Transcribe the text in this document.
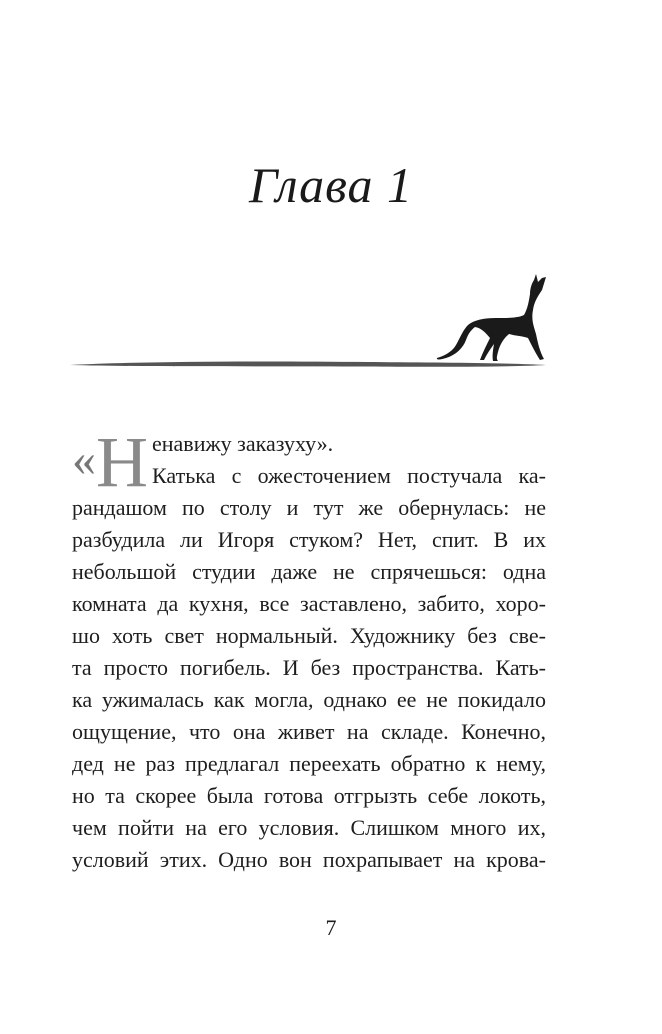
Глава 1
« Н енавижу заказуху».
Катька с ожесточением постучала ка-
рандашом по столу и тут же обернулась: не
разбудила ли Игоря стуком? Нет, спит. В их
небольшой студии даже не спрячешься: одна
комната да кухня, все заставлено, забито, хоро-
шо хоть свет нормальный. Художнику без све-
та просто погибель. И без пространства. Кать-
ка ужималась как могла, однако ее не покидало
ощущение, что она живет на складе. Конечно,
дед не раз предлагал переехать обратно к нему,
но та скорее была готова отгрызть себе локоть,
чем пойти на его условия. Слишком много их,
условий этих. Одно вон похрапывает на крова-
7
